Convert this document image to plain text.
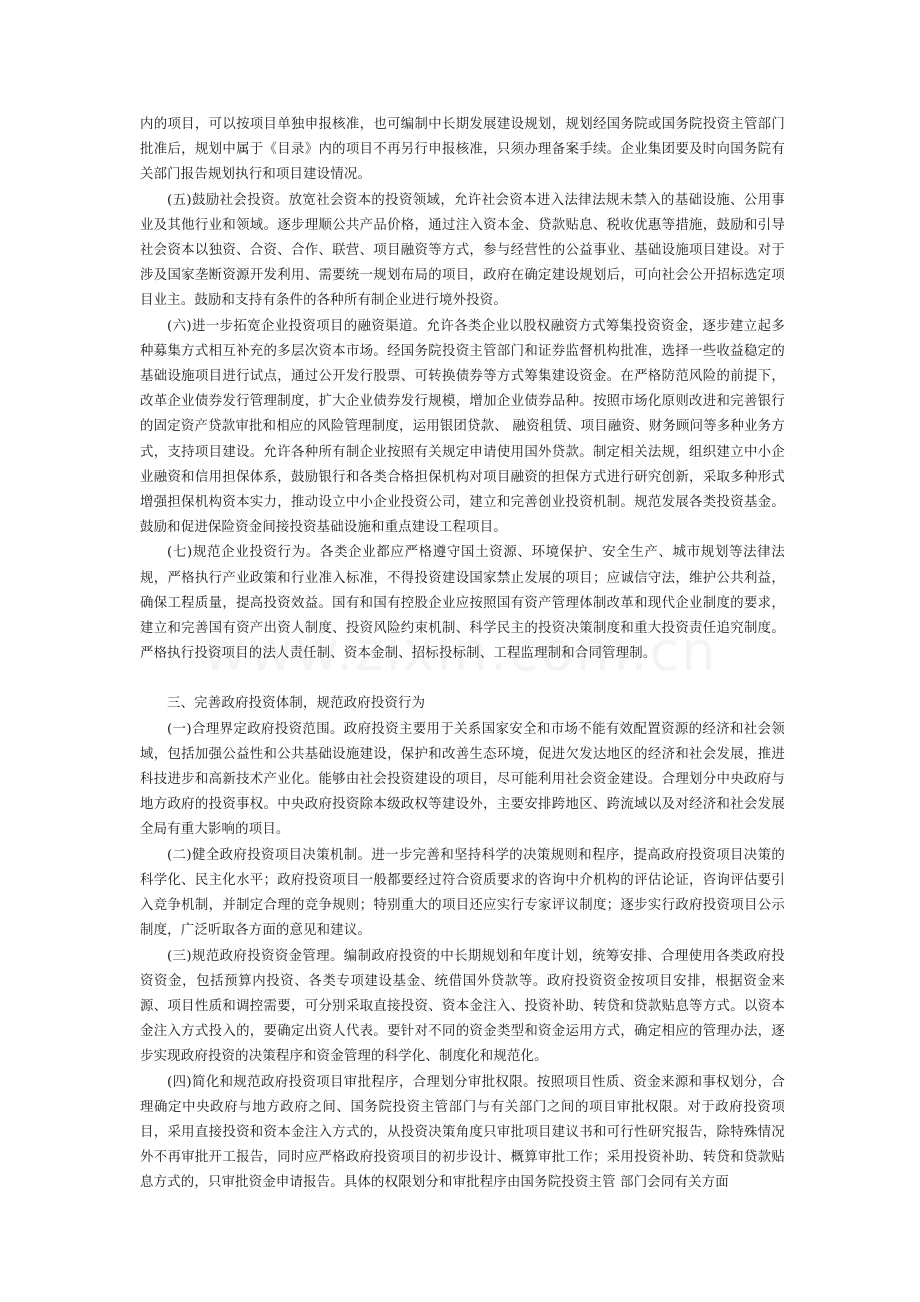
内的项目，可以按项目单独申报核准，也可编制中长期发展建设规划，规划经国务院或国务院投资主管部门批准后，规划中属于《目录》内的项目不再另行申报核准，只须办理备案手续。企业集团要及时向国务院有关部门报告规划执行和项目建设情况。

(五)鼓励社会投资。放宽社会资本的投资领域，允许社会资本进入法律法规未禁入的基础设施、公用事业及其他行业和领域。逐步理顺公共产品价格，通过注入资本金、贷款贴息、税收优惠等措施，鼓励和引导社会资本以独资、合资、合作、联营、项目融资等方式，参与经营性的公益事业、基础设施项目建设。对于涉及国家垄断资源开发利用、需要统一规划布局的项目，政府在确定建设规划后，可向社会公开招标选定项目业主。鼓励和支持有条件的各种所有制企业进行境外投资。

(六)进一步拓宽企业投资项目的融资渠道。允许各类企业以股权融资方式筹集投资资金，逐步建立起多种募集方式相互补充的多层次资本市场。经国务院投资主管部门和证券监督机构批准，选择一些收益稳定的基础设施项目进行试点，通过公开发行股票、可转换债券等方式筹集建设资金。在严格防范风险的前提下，改革企业债券发行管理制度，扩大企业债券发行规模，增加企业债券品种。按照市场化原则改进和完善银行的固定资产贷款审批和相应的风险管理制度，运用银团贷款、 融资租赁、项目融资、财务顾问等多种业务方式，支持项目建设。允许各种所有制企业按照有关规定申请使用国外贷款。制定相关法规，组织建立中小企业融资和信用担保体系，鼓励银行和各类合格担保机构对项目融资的担保方式进行研究创新，采取多种形式增强担保机构资本实力，推动设立中小企业投资公司，建立和完善创业投资机制。规范发展各类投资基金。鼓励和促进保险资金间接投资基础设施和重点建设工程项目。

(七)规范企业投资行为。各类企业都应严格遵守国土资源、环境保护、安全生产、城市规划等法律法规，严格执行产业政策和行业准入标准，不得投资建设国家禁止发展的项目；应诚信守法，维护公共利益，确保工程质量，提高投资效益。国有和国有控股企业应按照国有资产管理体制改革和现代企业制度的要求，建立和完善国有资产出资人制度、投资风险约束机制、科学民主的投资决策制度和重大投资责任追究制度。严格执行投资项目的法人责任制、资本金制、招标投标制、工程监理制和合同管理制。

三、完善政府投资体制，规范政府投资行为

(一)合理界定政府投资范围。政府投资主要用于关系国家安全和市场不能有效配置资源的经济和社会领域，包括加强公益性和公共基础设施建设，保护和改善生态环境，促进欠发达地区的经济和社会发展，推进科技进步和高新技术产业化。能够由社会投资建设的项目，尽可能利用社会资金建设。合理划分中央政府与地方政府的投资事权。中央政府投资除本级政权等建设外，主要安排跨地区、跨流域以及对经济和社会发展全局有重大影响的项目。

(二)健全政府投资项目决策机制。进一步完善和坚持科学的决策规则和程序，提高政府投资项目决策的科学化、民主化水平；政府投资项目一般都要经过符合资质要求的咨询中介机构的评估论证，咨询评估要引入竞争机制，并制定合理的竞争规则；特别重大的项目还应实行专家评议制度；逐步实行政府投资项目公示制度，广泛听取各方面的意见和建议。

(三)规范政府投资资金管理。编制政府投资的中长期规划和年度计划，统筹安排、合理使用各类政府投资资金，包括预算内投资、各类专项建设基金、统借国外贷款等。政府投资资金按项目安排，根据资金来源、项目性质和调控需要，可分别采取直接投资、资本金注入、投资补助、转贷和贷款贴息等方式。以资本金注入方式投入的，要确定出资人代表。要针对不同的资金类型和资金运用方式，确定相应的管理办法，逐步实现政府投资的决策程序和资金管理的科学化、制度化和规范化。

(四)简化和规范政府投资项目审批程序，合理划分审批权限。按照项目性质、资金来源和事权划分，合理确定中央政府与地方政府之间、国务院投资主管部门与有关部门之间的项目审批权限。对于政府投资项目，采用直接投资和资本金注入方式的，从投资决策角度只审批项目建议书和可行性研究报告，除特殊情况外不再审批开工报告，同时应严格政府投资项目的初步设计、概算审批工作；采用投资补助、转贷和贷款贴息方式的，只审批资金申请报告。具体的权限划分和审批程序由国务院投资主管 部门会同有关方面
